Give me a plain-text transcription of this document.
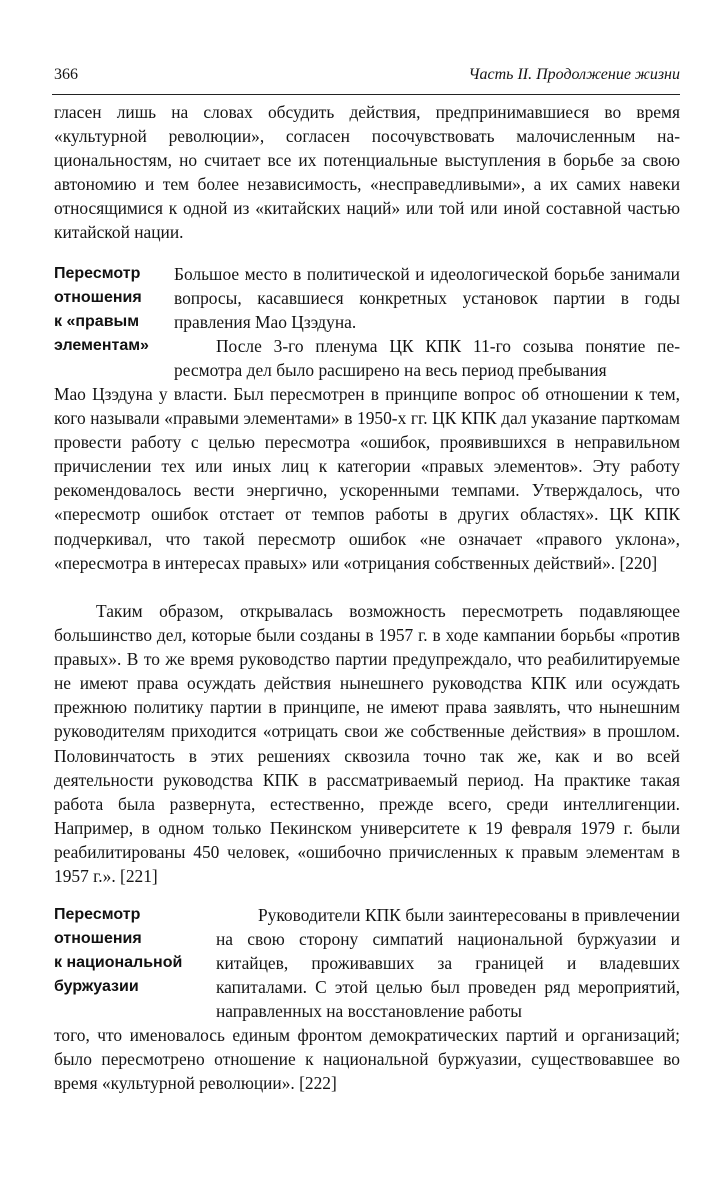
366	Часть II. Продолжение жизни

гласен лишь на словах обсудить действия, предпринимавшиеся во время «культурной революции», согласен посочувствовать малочисленным национальностям, но считает все их потенциальные выступления в борьбе за свою автономию и тем более независимость, «несправедливыми», а их самих навеки относящимися к одной из «китайских наций» или той или иной составной частью китайской нации.

Пересмотр
отношения
к «правым
элементам»

Большое место в политической и идеологической борьбе занимали вопросы, касавшиеся конкретных установок партии в годы правления Мао Цзэдуна.

После 3-го пленума ЦК КПК 11-го созыва понятие пересмотра дел было расширено на весь период пребывания

Мао Цзэдуна у власти. Был пересмотрен в принципе вопрос об отношении к тем, кого называли «правыми элементами» в 1950-х гг. ЦК КПК дал указание парткомам провести работу с целью пересмотра «ошибок, проявившихся в неправильном причислении тех или иных лиц к категории «правых элементов». Эту работу рекомендовалось вести энергично, ускоренными темпами. Утверждалось, что «пересмотр ошибок отстает от темпов работы в других областях». ЦК КПК подчеркивал, что такой пересмотр ошибок «не означает «правого уклона», «пересмотра в интересах правых» или «отрицания собственных действий». [220]

Таким образом, открывалась возможность пересмотреть подавляющее большинство дел, которые были созданы в 1957 г. в ходе кампании борьбы «против правых». В то же время руководство партии предупреждало, что реабилитируемые не имеют права осуждать действия нынешнего руководства КПК или осуждать прежнюю политику партии в принципе, не имеют права заявлять, что нынешним руководителям приходится «отрицать свои же собственные действия» в прошлом. Половинчатость в этих решениях сквозила точно так же, как и во всей деятельности руководства КПК в рассматриваемый период. На практике такая работа была развернута, естественно, прежде всего, среди интеллигенции. Например, в одном только Пекинском университете к 19 февраля 1979 г. были реабилитированы 450 человек, «ошибочно причисленных к правым элементам в 1957 г.». [221]

Пересмотр
отношения
к национальной
буржуазии

Руководители КПК были заинтересованы в привлечении на свою сторону симпатий национальной буржуазии и китайцев, проживавших за границей и владевших капиталами. С этой целью был проведен ряд мероприятий, направленных на восстановление работы

того, что именовалось единым фронтом демократических партий и организаций; было пересмотрено отношение к национальной буржуазии, существовавшее во время «культурной революции». [222]
